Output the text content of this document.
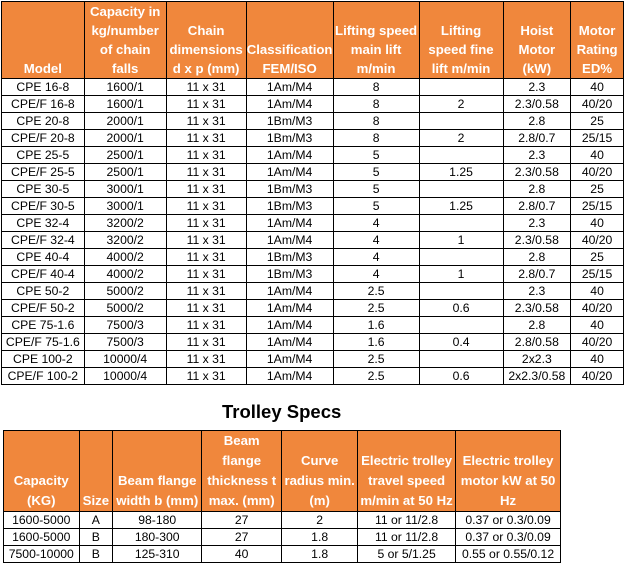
Model	Capacity in kg/number of chain falls	Chain dimensions d x p (mm)	Classification FEM/ISO	Lifting speed main lift m/min	Lifting speed fine lift m/min	Hoist Motor (kW)	Motor Rating ED%
CPE 16-8	1600/1	11 x 31	1Am/M4	8		2.3	40
CPE/F 16-8	1600/1	11 x 31	1Am/M4	8	2	2.3/0.58	40/20
CPE 20-8	2000/1	11 x 31	1Bm/M3	8		2.8	25
CPE/F 20-8	2000/1	11 x 31	1Bm/M3	8	2	2.8/0.7	25/15
CPE 25-5	2500/1	11 x 31	1Am/M4	5		2.3	40
CPE/F 25-5	2500/1	11 x 31	1Am/M4	5	1.25	2.3/0.58	40/20
CPE 30-5	3000/1	11 x 31	1Bm/M3	5		2.8	25
CPE/F 30-5	3000/1	11 x 31	1Bm/M3	5	1.25	2.8/0.7	25/15
CPE 32-4	3200/2	11 x 31	1Am/M4	4		2.3	40
CPE/F 32-4	3200/2	11 x 31	1Am/M4	4	1	2.3/0.58	40/20
CPE 40-4	4000/2	11 x 31	1Bm/M3	4		2.8	25
CPE/F 40-4	4000/2	11 x 31	1Bm/M3	4	1	2.8/0.7	25/15
CPE 50-2	5000/2	11 x 31	1Am/M4	2.5		2.3	40
CPE/F 50-2	5000/2	11 x 31	1Am/M4	2.5	0.6	2.3/0.58	40/20
CPE 75-1.6	7500/3	11 x 31	1Am/M4	1.6		2.8	40
CPE/F 75-1.6	7500/3	11 x 31	1Am/M4	1.6	0.4	2.8/0.58	40/20
CPE 100-2	10000/4	11 x 31	1Am/M4	2.5		2x2.3	40
CPE/F 100-2	10000/4	11 x 31	1Am/M4	2.5	0.6	2x2.3/0.58	40/20
Trolley Specs
Capacity (KG)	Size	Beam flange width b (mm)	Beam flange thickness t max. (mm)	Curve radius min. (m)	Electric trolley travel speed m/min at 50 Hz	Electric trolley motor kW at 50 Hz
1600-5000	A	98-180	27	2	11 or 11/2.8	0.37 or 0.3/0.09
1600-5000	B	180-300	27	1.8	11 or 11/2.8	0.37 or 0.3/0.09
7500-10000	B	125-310	40	1.8	5 or 5/1.25	0.55 or 0.55/0.12
